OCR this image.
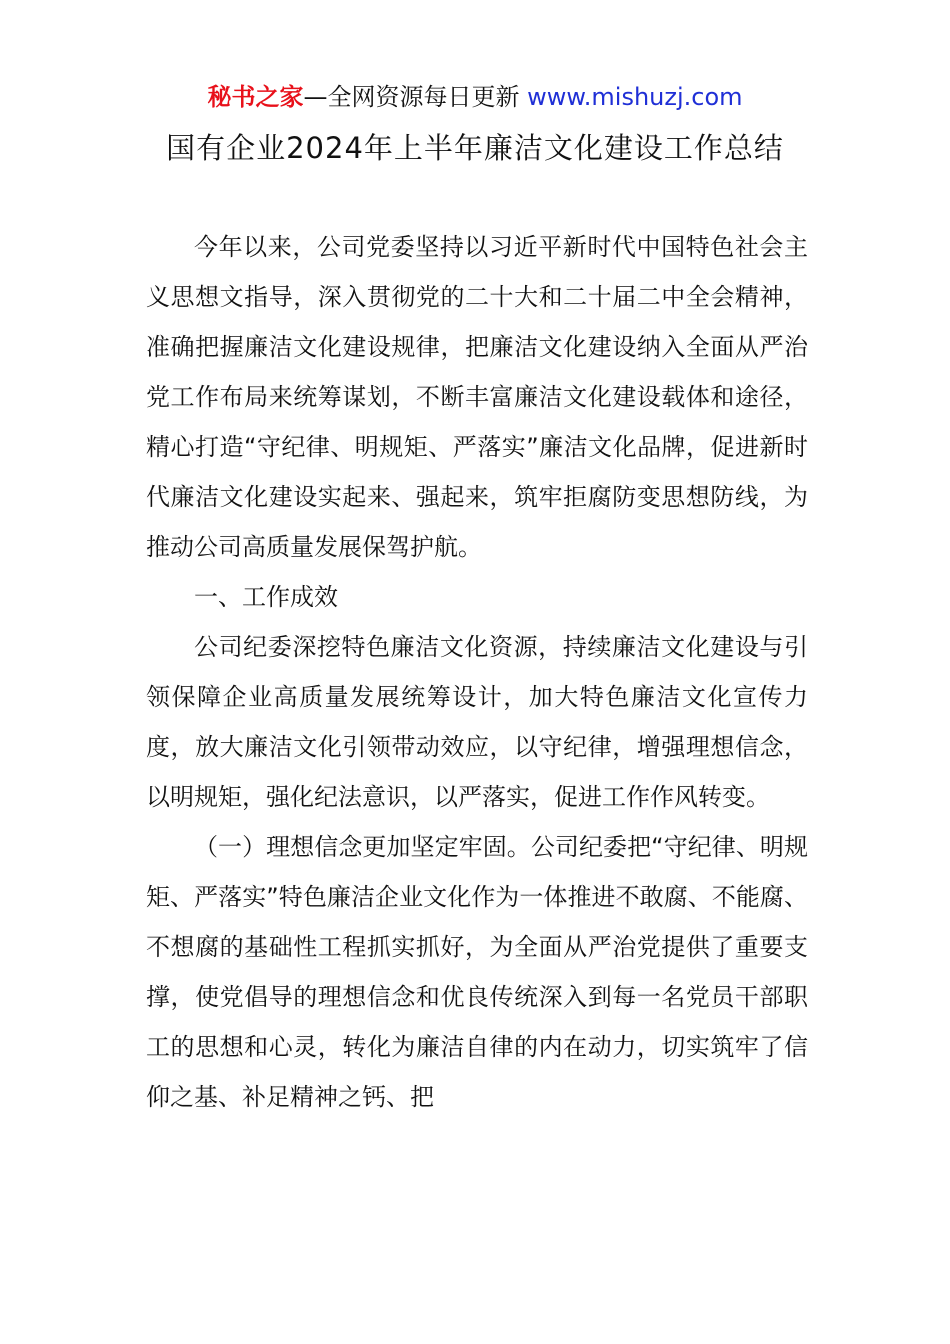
秘书之家—全网资源每日更新 www.mishuzj.com
国有企业2024年上半年廉洁文化建设工作总结

今年以来，公司党委坚持以习近平新时代中国特色社会主义思想文指导，深入贯彻党的二十大和二十届二中全会精神，准确把握廉洁文化建设规律，把廉洁文化建设纳入全面从严治党工作布局来统筹谋划，不断丰富廉洁文化建设载体和途径，精心打造“守纪律、明规矩、严落实”廉洁文化品牌，促进新时代廉洁文化建设实起来、强起来，筑牢拒腐防变思想防线，为推动公司高质量发展保驾护航。

一、工作成效

公司纪委深挖特色廉洁文化资源，持续廉洁文化建设与引领保障企业高质量发展统筹设计，加大特色廉洁文化宣传力度，放大廉洁文化引领带动效应，以守纪律，增强理想信念，以明规矩，强化纪法意识，以严落实，促进工作作风转变。

（一）理想信念更加坚定牢固。公司纪委把“守纪律、明规矩、严落实”特色廉洁企业文化作为一体推进不敢腐、不能腐、不想腐的基础性工程抓实抓好，为全面从严治党提供了重要支撑，使党倡导的理想信念和优良传统深入到每一名党员干部职工的思想和心灵，转化为廉洁自律的内在动力，切实筑牢了信仰之基、补足精神之钙、把
